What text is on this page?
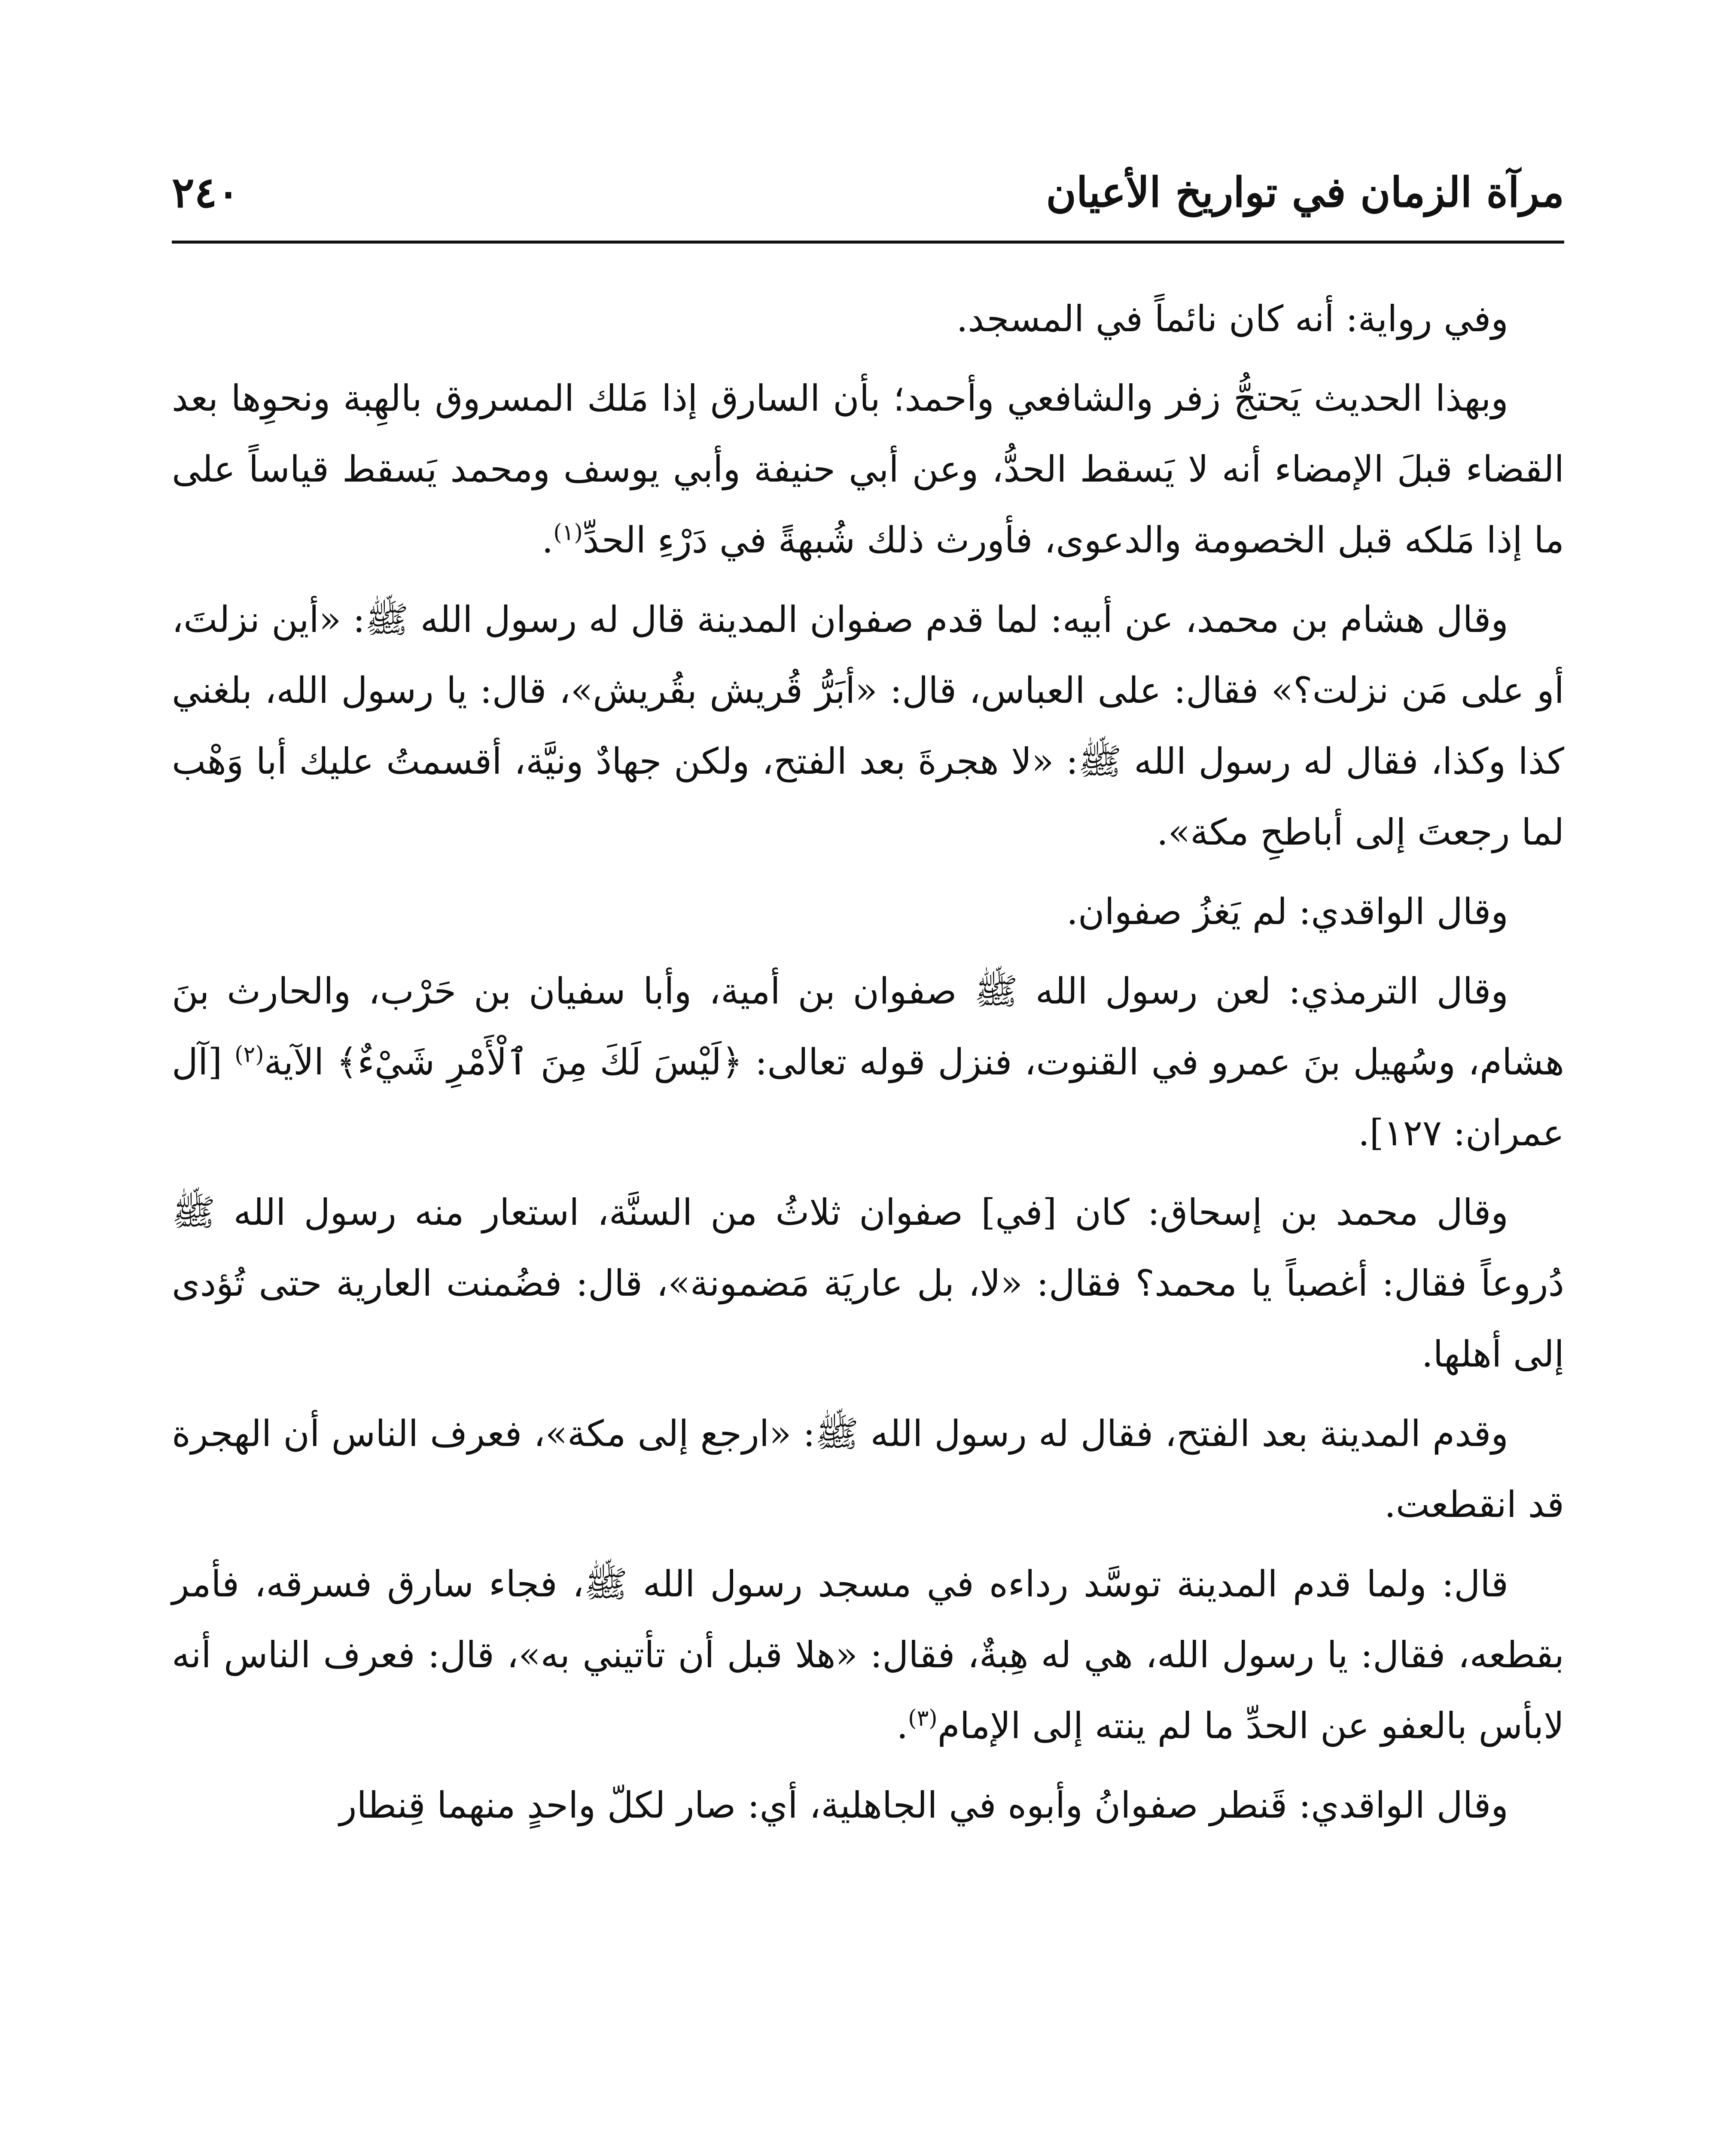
مرآة الزمان في تواريخ الأعيان
٢٤٠

وفي رواية: أنه كان نائماً في المسجد.

وبهذا الحديث يَحتجُّ زفر والشافعي وأحمد؛ بأن السارق إذا مَلك المسروق بالهِبة ونحوِها بعد القضاء قبلَ الإمضاء أنه لا يَسقط الحدُّ، وعن أبي حنيفة وأبي يوسف ومحمد يَسقط قياساً على ما إذا مَلكه قبل الخصومة والدعوى، فأورث ذلك شُبهةً في دَرْءِ الحدِّ$^{(١)}$.

وقال هشام بن محمد، عن أبيه: لما قدم صفوان المدينة قال له رسول الله ﷺ: «أين نزلتَ، أو على مَن نزلت؟» فقال: على العباس، قال: «أبَرُّ قُريش بقُريش»، قال: يا رسول الله، بلغني كذا وكذا، فقال له رسول الله ﷺ: «لا هجرةَ بعد الفتح، ولكن جهادٌ ونيَّة، أقسمتُ عليك أبا وَهْب لما رجعتَ إلى أباطحِ مكة».

وقال الواقدي: لم يَغزُ صفوان.

وقال الترمذي: لعن رسول الله ﷺ صفوان بن أمية، وأبا سفيان بن حَرْب، والحارث بنَ هشام، وسُهيل بنَ عمرو في القنوت، فنزل قوله تعالى: ﴿لَيْسَ لَكَ مِنَ ٱلْأَمْرِ شَيْءٌ﴾ الآية$^{(٢)}$ [آل عمران: ١٢٧].

وقال محمد بن إسحاق: كان [في] صفوان ثلاثُ من السنَّة، استعار منه رسول الله ﷺ دُروعاً فقال: أغصباً يا محمد؟ فقال: «لا، بل عاريَة مَضمونة»، قال: فضُمنت العارية حتى تُؤدى إلى أهلها.

وقدم المدينة بعد الفتح، فقال له رسول الله ﷺ: «ارجع إلى مكة»، فعرف الناس أن الهجرة قد انقطعت.

قال: ولما قدم المدينة توسَّد رداءه في مسجد رسول الله ﷺ، فجاء سارق فسرقه، فأمر بقطعه، فقال: يا رسول الله، هي له هِبةٌ، فقال: «هلا قبل أن تأتيني به»، قال: فعرف الناس أنه لابأس بالعفو عن الحدِّ ما لم ينته إلى الإمام$^{(٣)}$.

وقال الواقدي: قَنطر صفوانُ وأبوه في الجاهلية، أي: صار لكلّ واحدٍ منهما قِنطار
